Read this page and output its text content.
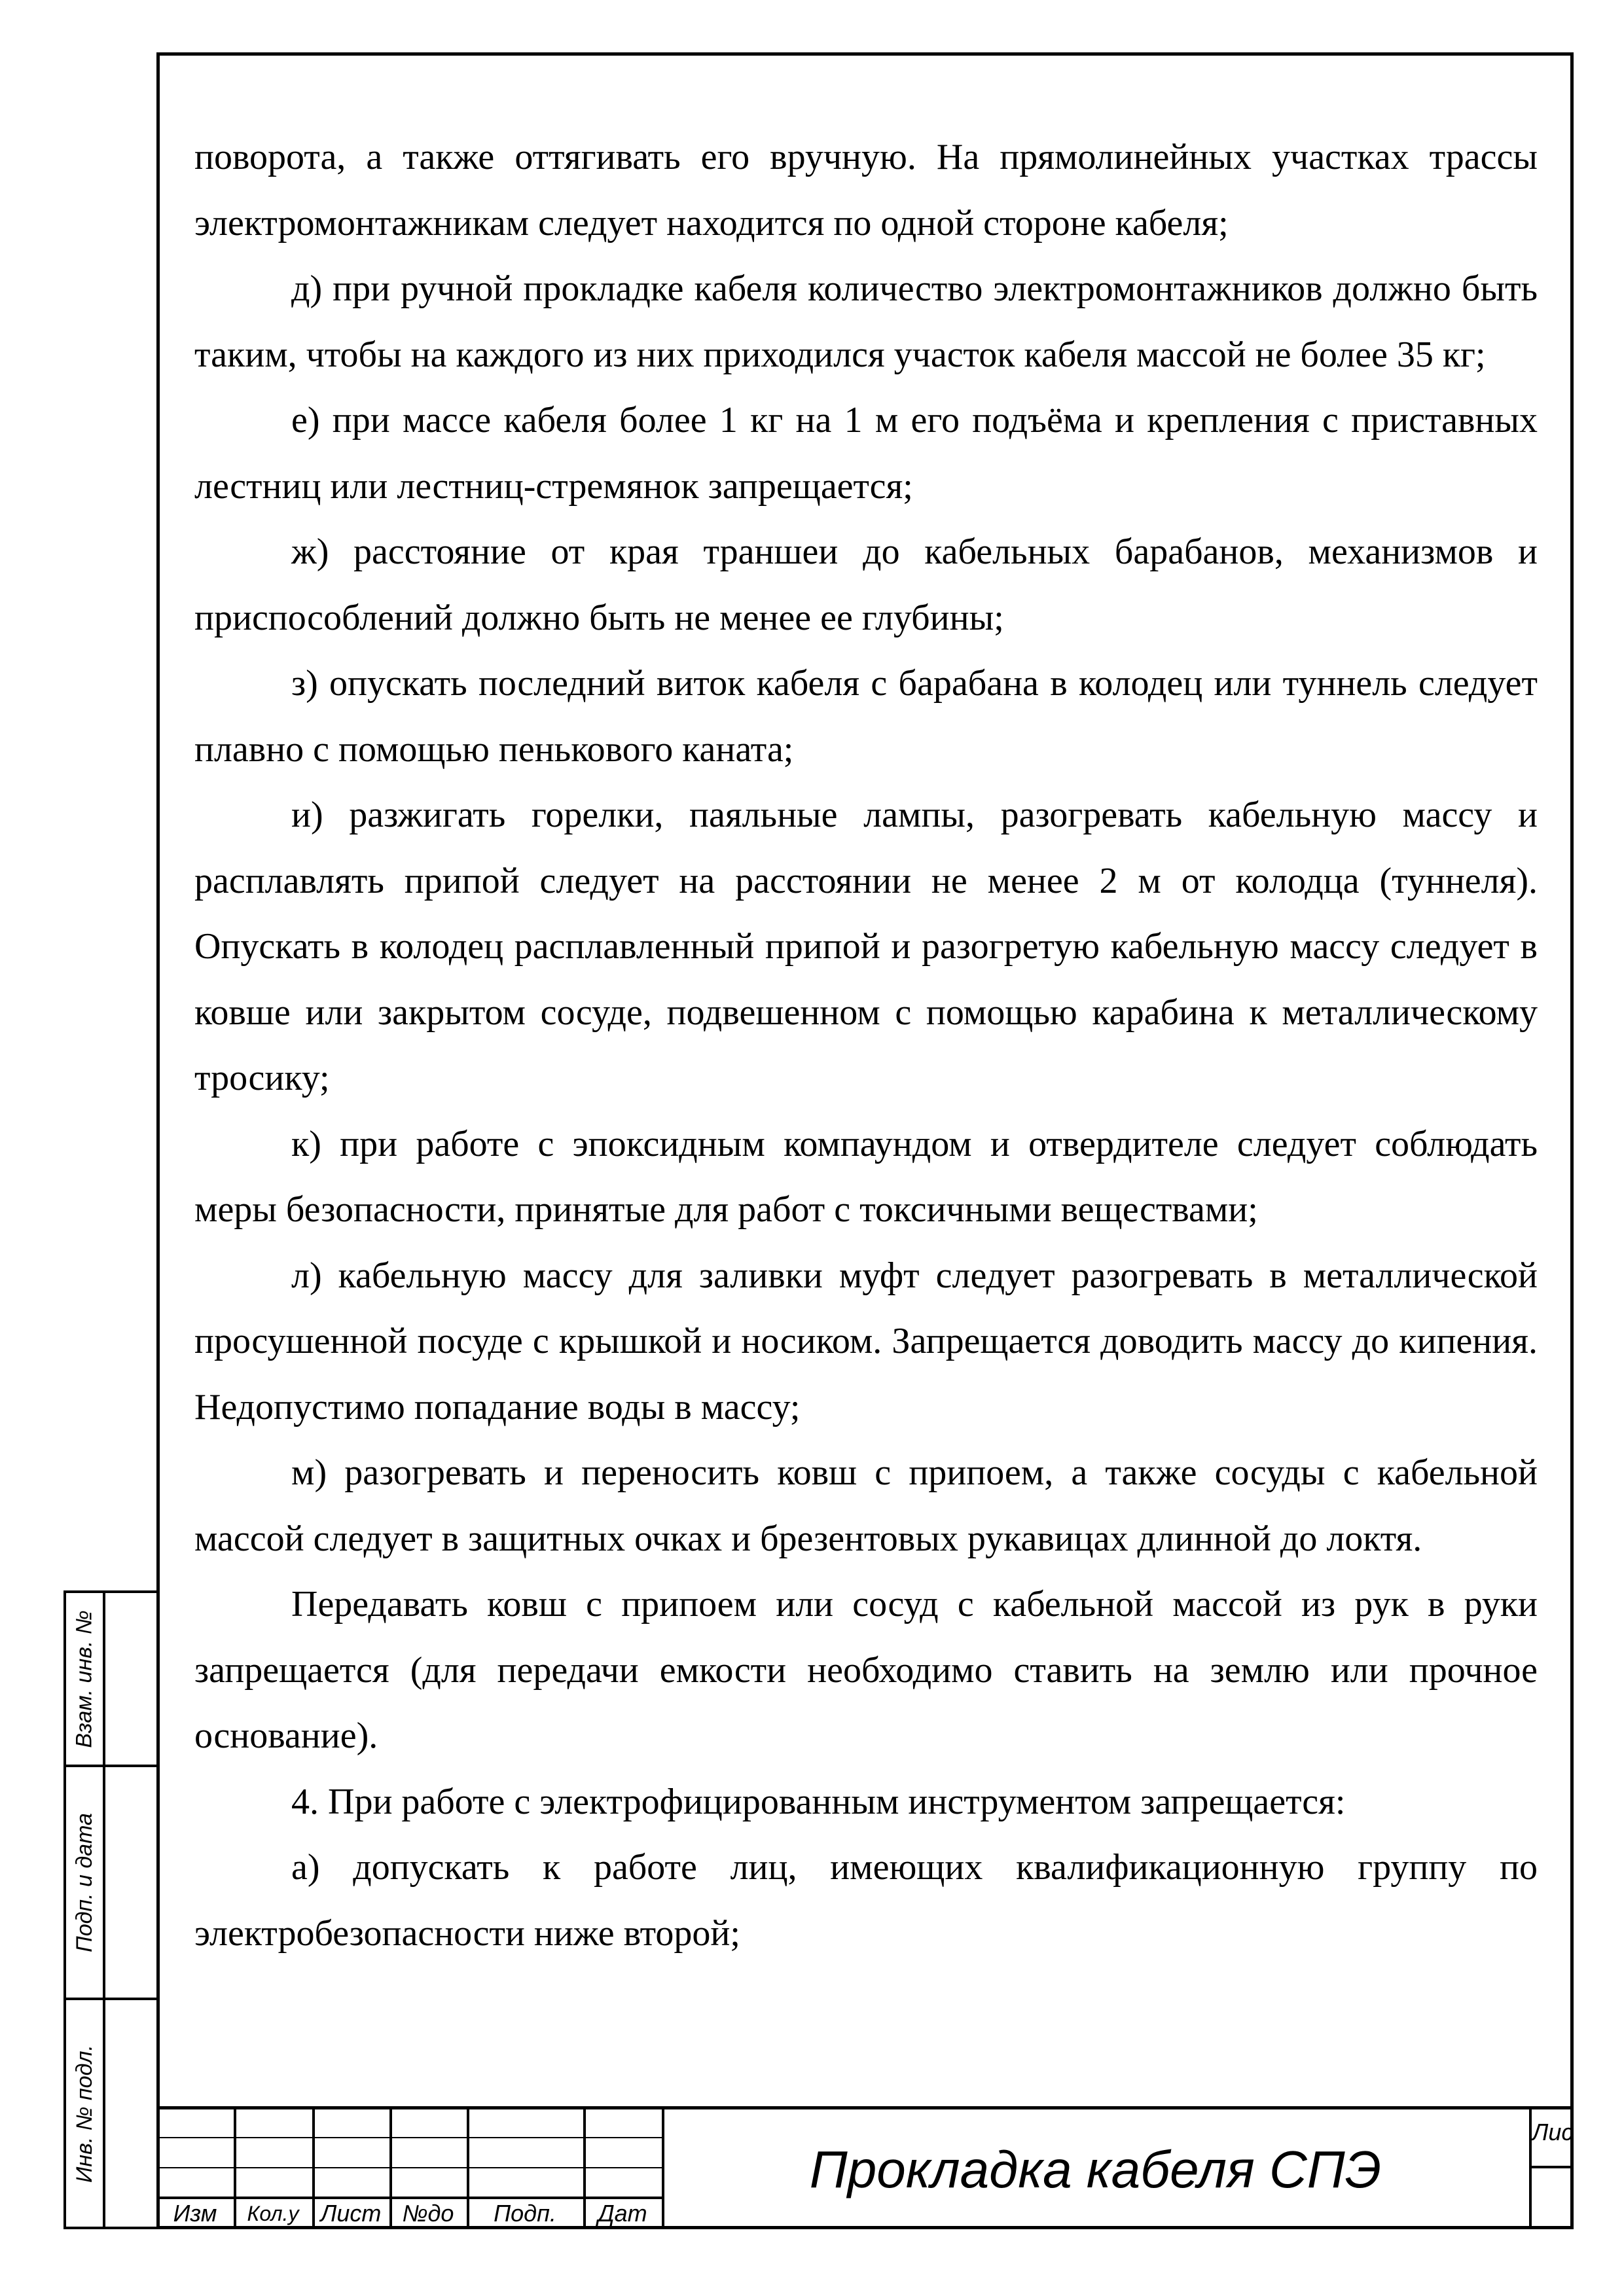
поворота, а также оттягивать его вручную. На прямолинейных участках трассы электромонтажникам следует находится по одной стороне кабеля;

д) при ручной прокладке кабеля количество электромонтажников должно быть таким, чтобы на каждого из них приходился участок кабеля массой не более 35 кг;

е) при массе кабеля более 1 кг на 1 м его подъёма и крепления с приставных лестниц или лестниц-стремянок запрещается;

ж) расстояние от края траншеи до кабельных барабанов, механизмов и приспособлений должно быть не менее ее глубины;

з) опускать последний виток кабеля с барабана в колодец или туннель следует плавно с помощью пенькового каната;

и) разжигать горелки, паяльные лампы, разогревать кабельную массу и расплавлять припой следует на расстоянии не менее 2 м от колодца (туннеля). Опускать в колодец расплавленный припой и разогретую кабельную массу следует в ковше или закрытом сосуде, подвешенном с помощью карабина к металлическому тросику;

к) при работе с эпоксидным компаундом и отвердителе следует соблюдать меры безопасности, принятые для работ с токсичными веществами;

л) кабельную массу для заливки муфт следует разогревать в металлической просушенной посуде с крышкой и носиком. Запрещается доводить массу до кипения. Недопустимо попадание воды в массу;

м) разогревать и переносить ковш с припоем, а также сосуды с кабельной массой следует в защитных очках и брезентовых рукавицах длинной до локтя.

Передавать ковш с припоем или сосуд с кабельной массой из рук в руки запрещается (для передачи емкости необходимо ставить на землю или прочное основание).

4. При работе с электрофицированным инструментом запрещается:

а) допускать к работе лиц, имеющих квалификационную группу по электробезопасности ниже второй;

Взам. инв. №
Подп. и дата
Инв. № подл.
Изм	Кол.у Лист №до	Подп.	Дат
Прокладка кабеля СПЭ
Лис
